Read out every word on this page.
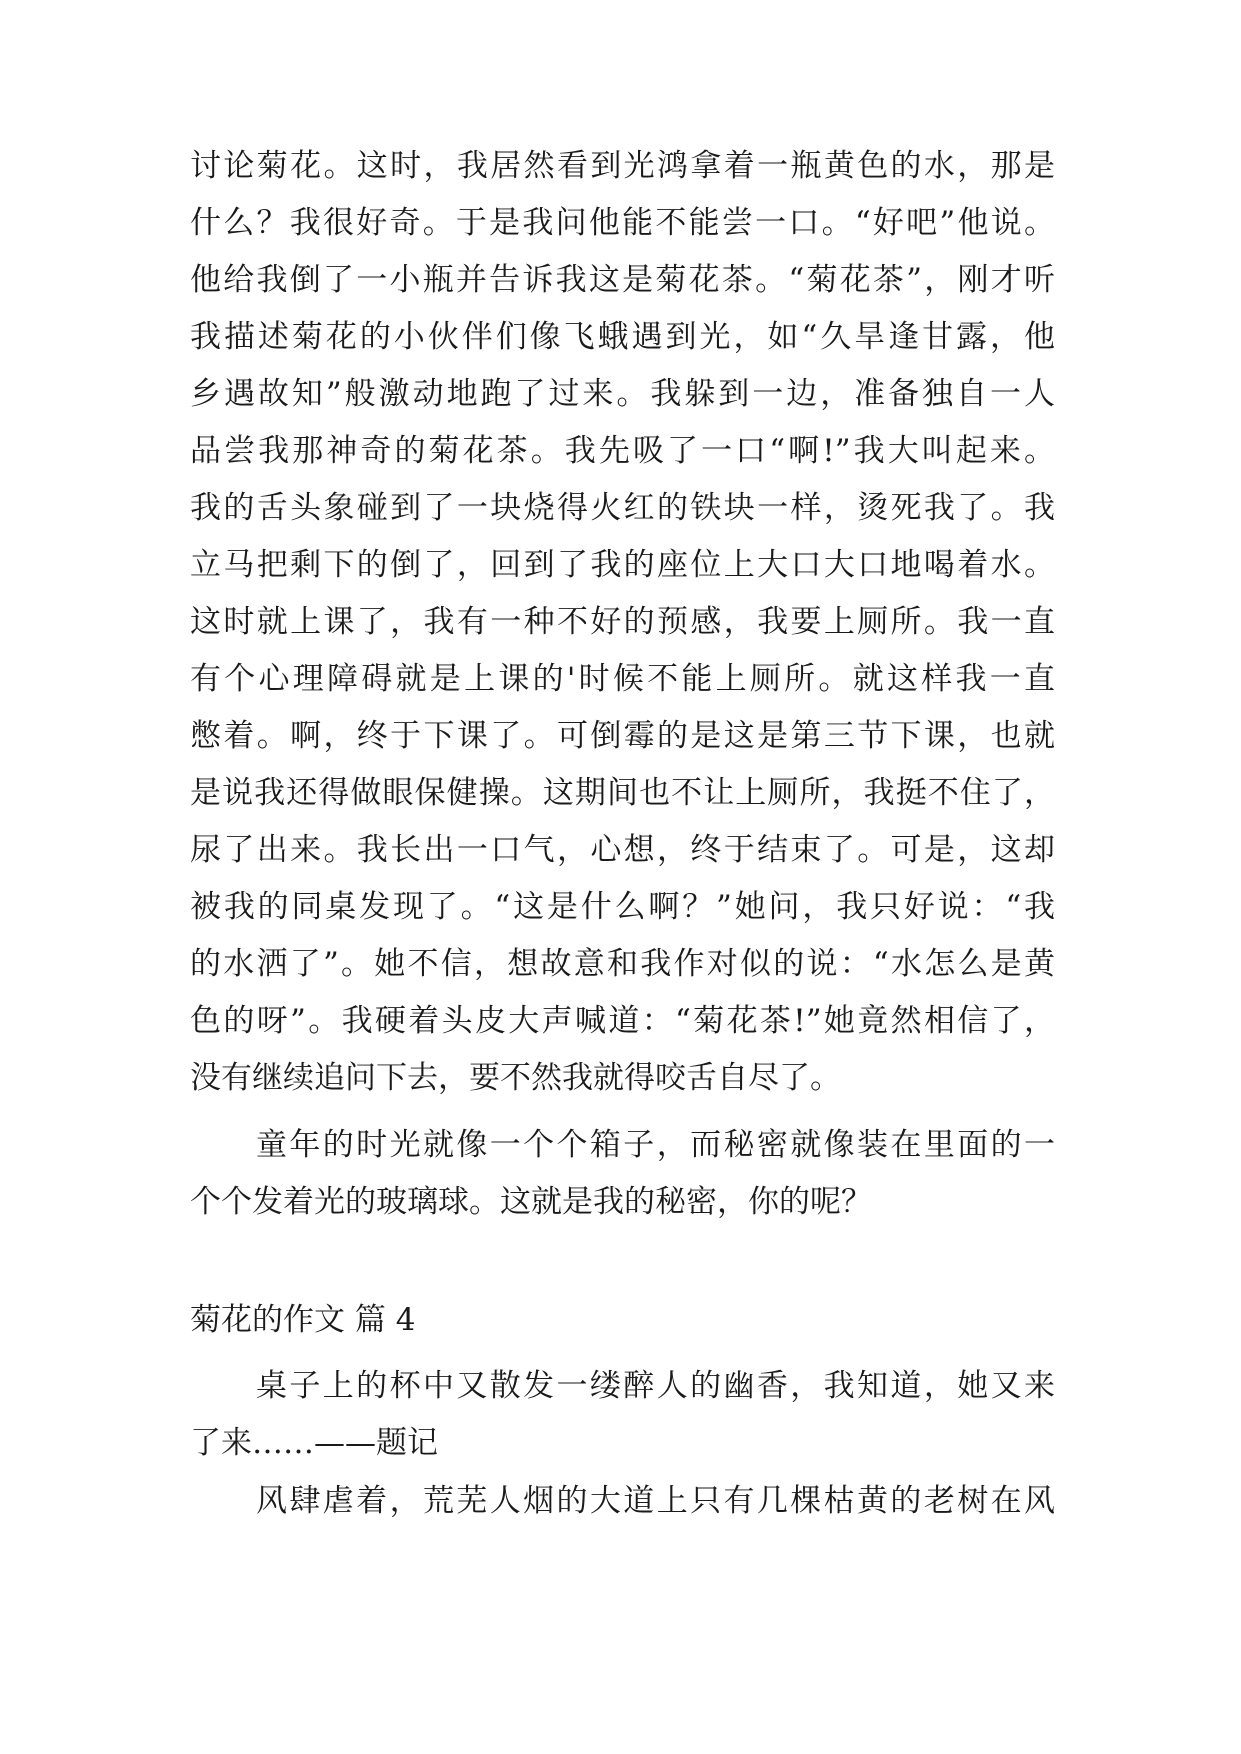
讨论菊花。这时，我居然看到光鸿拿着一瓶黄色的水，那是
什么？我很好奇。于是我问他能不能尝一口。“好吧”他说。
他给我倒了一小瓶并告诉我这是菊花茶。“菊花茶”，刚才听
我描述菊花的小伙伴们像飞蛾遇到光，如“久旱逢甘露，他
乡遇故知”般激动地跑了过来。我躲到一边，准备独自一人
品尝我那神奇的菊花茶。我先吸了一口“啊!”我大叫起来。
我的舌头象碰到了一块烧得火红的铁块一样，烫死我了。我
立马把剩下的倒了，回到了我的座位上大口大口地喝着水。
这时就上课了，我有一种不好的预感，我要上厕所。我一直
有个心理障碍就是上课的'时候不能上厕所。就这样我一直
憋着。啊，终于下课了。可倒霉的是这是第三节下课，也就
是说我还得做眼保健操。这期间也不让上厕所，我挺不住了，
尿了出来。我长出一口气，心想，终于结束了。可是，这却
被我的同桌发现了。“这是什么啊？”她问，我只好说：“我
的水洒了”。她不信，想故意和我作对似的说：“水怎么是黄
色的呀”。我硬着头皮大声喊道：“菊花茶!”她竟然相信了，
没有继续追问下去，要不然我就得咬舌自尽了。
童年的时光就像一个个箱子，而秘密就像装在里面的一
个个发着光的玻璃球。这就是我的秘密，你的呢？
菊花的作文 篇 4
桌子上的杯中又散发一缕醉人的幽香，我知道，她又来
了来……——题记
风肆虐着，荒芜人烟的大道上只有几棵枯黄的老树在风
